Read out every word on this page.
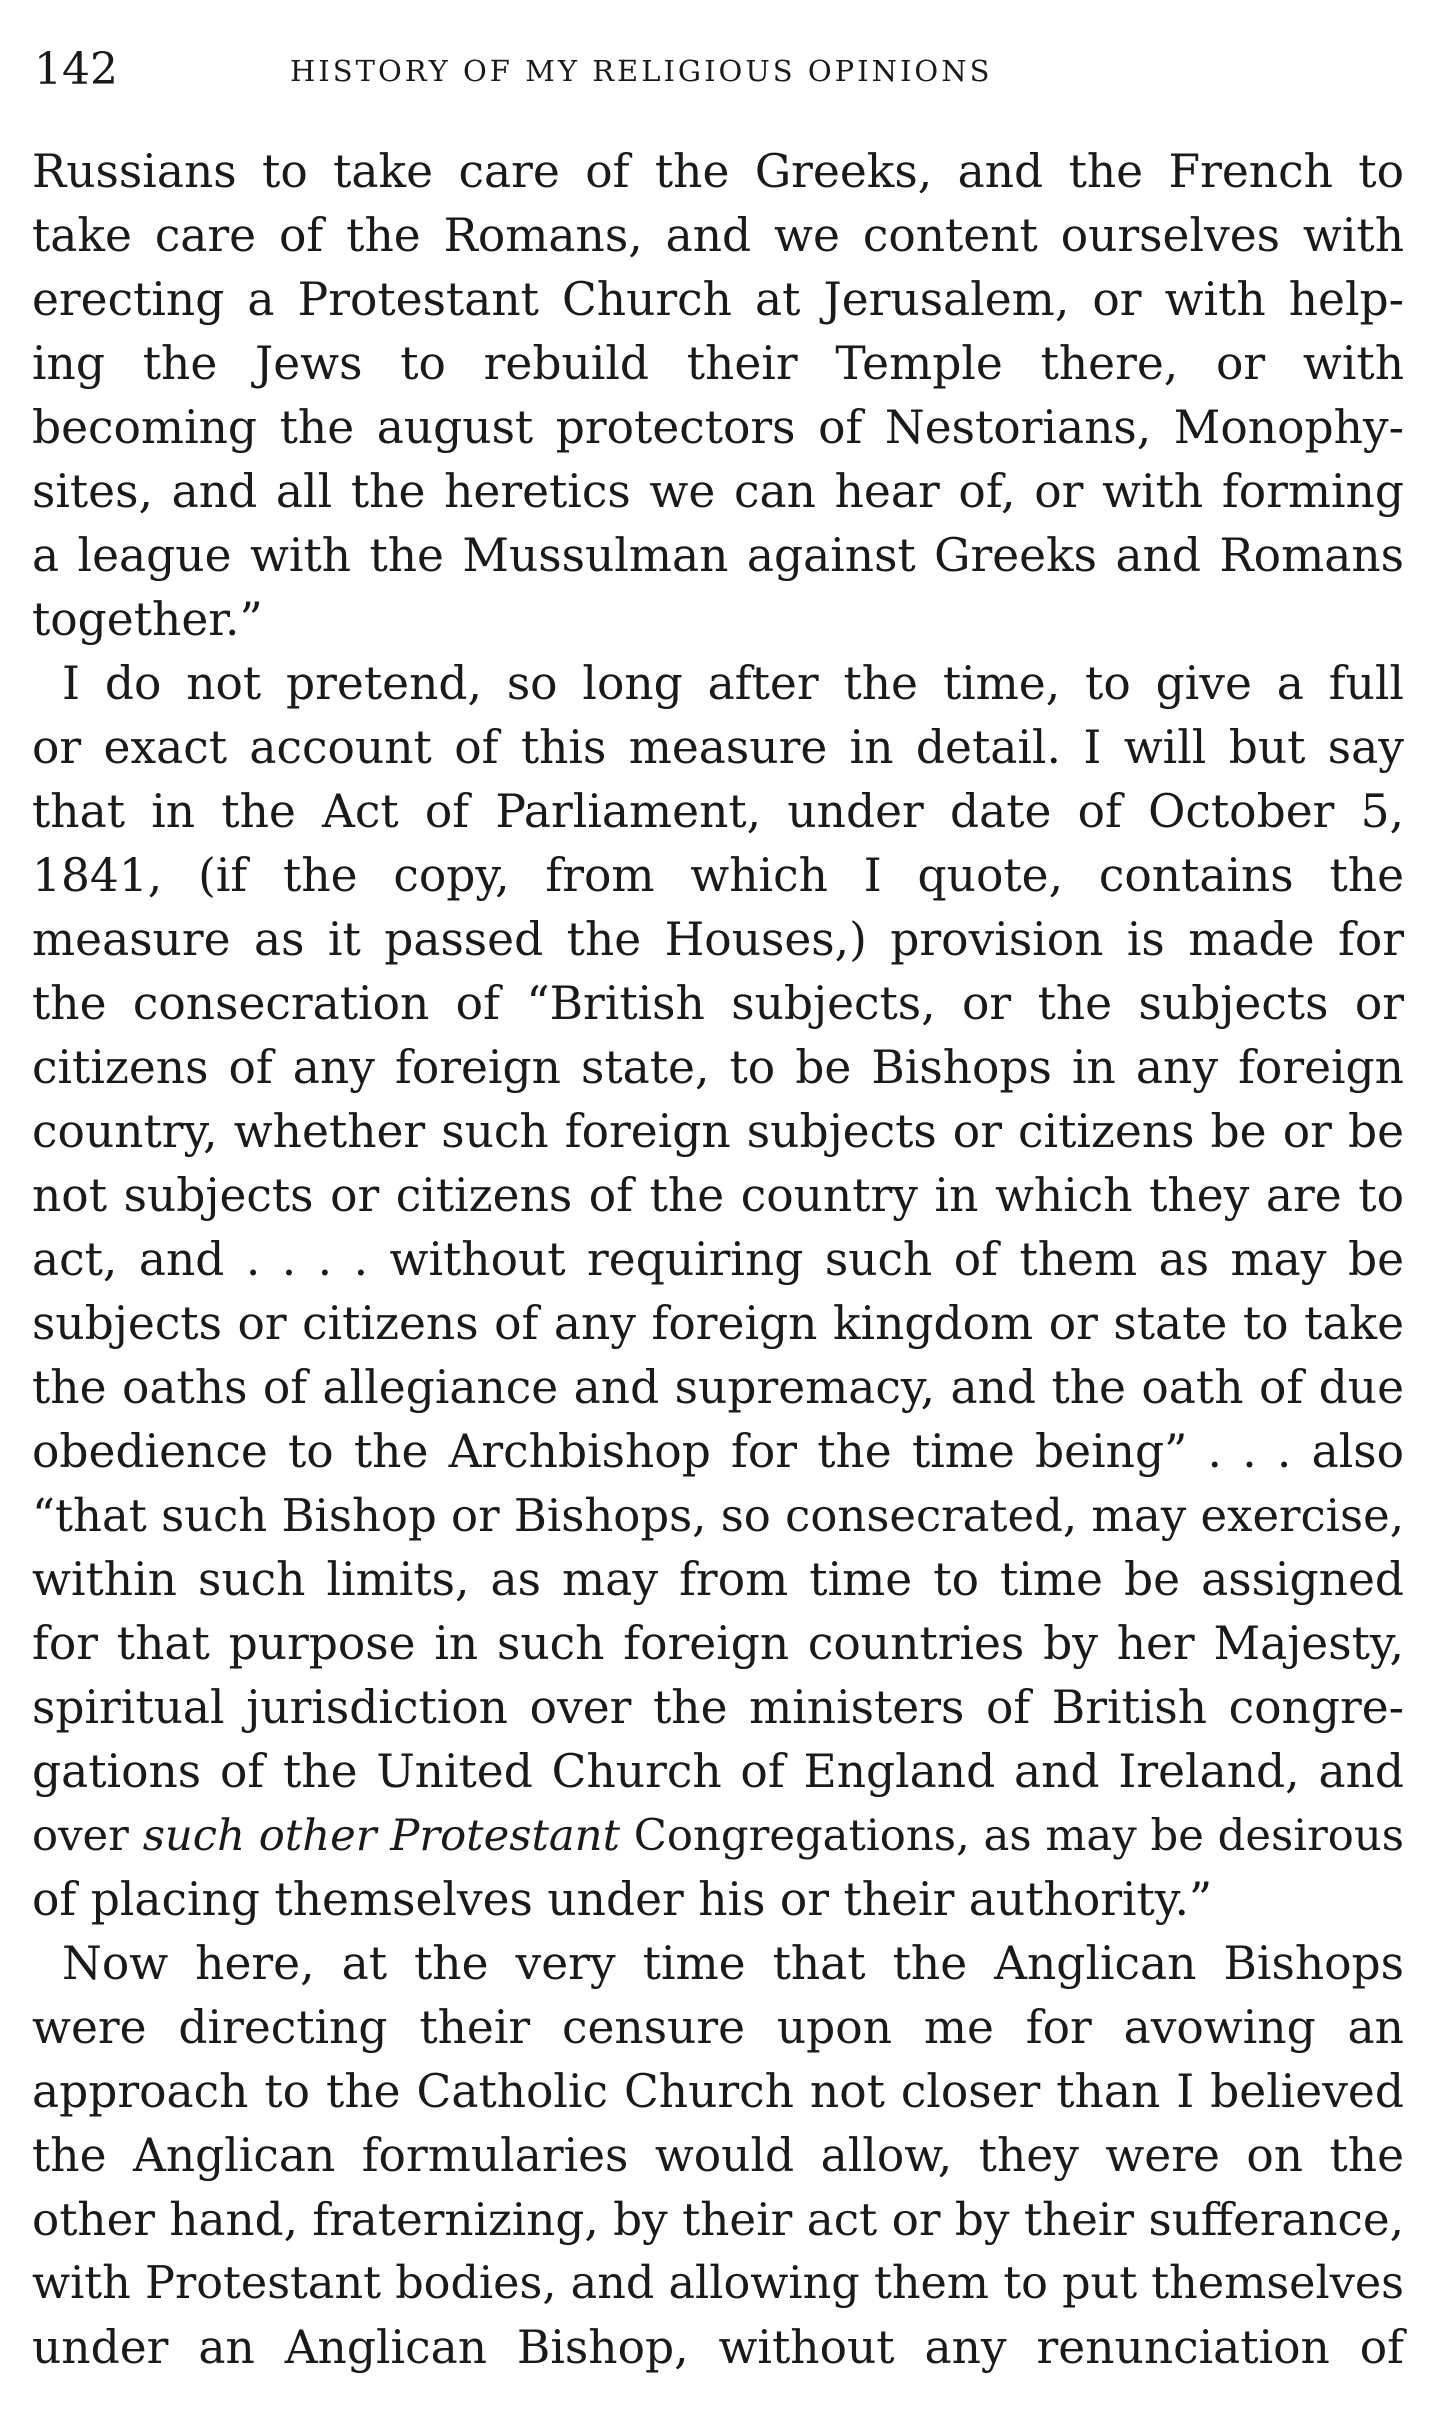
142	HISTORY OF MY RELIGIOUS OPINIONS
Russians to take care of the Greeks, and the French to
take care of the Romans, and we content ourselves with
erecting a Protestant Church at Jerusalem, or with help-
ing the Jews to rebuild their Temple there, or with
becoming the august protectors of Nestorians, Monophy-
sites, and all the heretics we can hear of, or with forming
a league with the Mussulman against Greeks and Romans
together.”
I do not pretend, so long after the time, to give a full
or exact account of this measure in detail. I will but say
that in the Act of Parliament, under date of October 5,
1841, (if the copy, from which I quote, contains the
measure as it passed the Houses,) provision is made for
the consecration of “British subjects, or the subjects or
citizens of any foreign state, to be Bishops in any foreign
country, whether such foreign subjects or citizens be or be
not subjects or citizens of the country in which they are to
act, and . . . . without requiring such of them as may be
subjects or citizens of any foreign kingdom or state to take
the oaths of allegiance and supremacy, and the oath of due
obedience to the Archbishop for the time being” . . . also
“that such Bishop or Bishops, so consecrated, may exercise,
within such limits, as may from time to time be assigned
for that purpose in such foreign countries by her Majesty,
spiritual jurisdiction over the ministers of British congre-
gations of the United Church of England and Ireland, and
over such other Protestant Congregations, as may be desirous
of placing themselves under his or their authority.”
Now here, at the very time that the Anglican Bishops
were directing their censure upon me for avowing an
approach to the Catholic Church not closer than I believed
the Anglican formularies would allow, they were on the
other hand, fraternizing, by their act or by their sufferance,
with Protestant bodies, and allowing them to put themselves
under an Anglican Bishop, without any renunciation of
